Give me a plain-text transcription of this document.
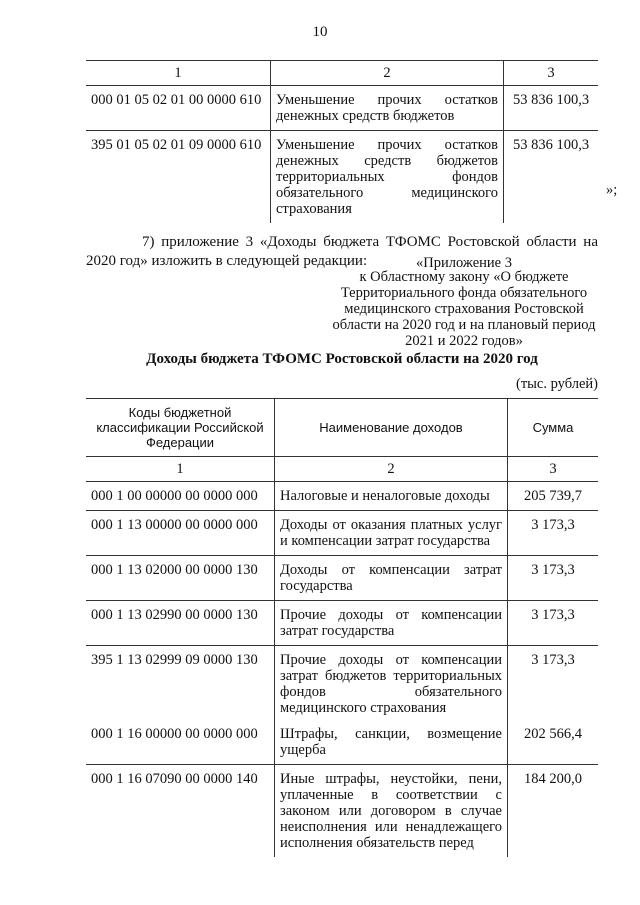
10
1	2	3
000 01 05 02 01 00 0000 610	Уменьшение прочих остатков денежных средств бюджетов	53 836 100,3
395 01 05 02 01 09 0000 610	Уменьшение прочих остатков денежных средств бюджетов территориальных фондов обязательного медицинского страхования	53 836 100,3
»;
7) приложение 3 «Доходы бюджета ТФОМС Ростовской области на 2020 год» изложить в следующей редакции:	«Приложение 3
к Областному закону «О бюджете Территориального фонда обязательного медицинского страхования Ростовской области на 2020 год и на плановый период 2021 и 2022 годов»
Доходы бюджета ТФОМС Ростовской области на 2020 год
(тыс. рублей)
Коды бюджетной классификации Российской Федерации	Наименование доходов	Сумма
1	2	3
000 1 00 00000 00 0000 000	Налоговые и неналоговые доходы	205 739,7
000 1 13 00000 00 0000 000	Доходы от оказания платных услуг и компенсации затрат государства	3 173,3
000 1 13 02000 00 0000 130	Доходы от компенсации затрат государства	3 173,3
000 1 13 02990 00 0000 130	Прочие доходы от компенсации затрат государства	3 173,3
395 1 13 02999 09 0000 130	Прочие доходы от компенсации затрат бюджетов территориальных фондов обязательного медицинского страхования	3 173,3
000 1 16 00000 00 0000 000	Штрафы, санкции, возмещение ущерба	202 566,4
000 1 16 07090 00 0000 140	Иные штрафы, неустойки, пени, уплаченные в соответствии с законом или договором в случае неисполнения или ненадлежащего исполнения обязательств перед	184 200,0
